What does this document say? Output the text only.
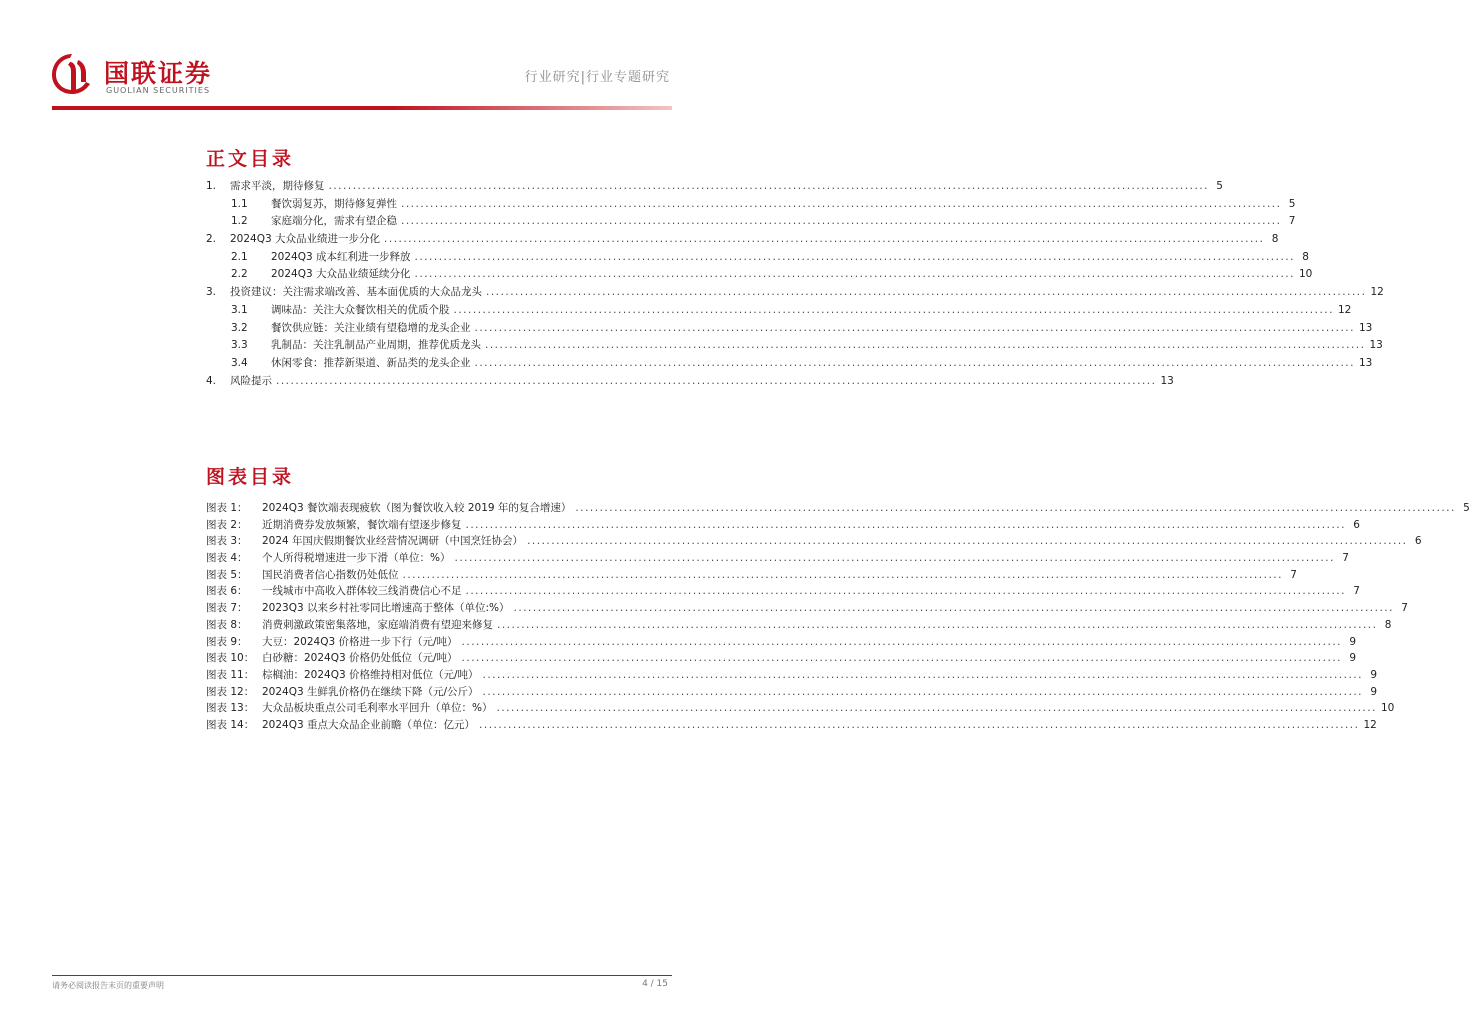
国联证券
GUOLIAN SECURITIES
行业研究|行业专题研究
正文目录
1.	需求平淡，期待修复 .....	5
1.1	餐饮弱复苏，期待修复弹性 .....	5
1.2	家庭端分化，需求有望企稳 .....	7
2.	2024Q3 大众品业绩进一步分化 .....	8
2.1	2024Q3 成本红利进一步释放 .....	8
2.2	2024Q3 大众品业绩延续分化 .....	10
3.	投资建议：关注需求端改善、基本面优质的大众品龙头 .....	12
3.1	调味品：关注大众餐饮相关的优质个股 .....	12
3.2	餐饮供应链：关注业绩有望稳增的龙头企业 .....	13
3.3	乳制品：关注乳制品产业周期，推荐优质龙头 .....	13
3.4	休闲零食：推荐新渠道、新品类的龙头企业 .....	13
4.	风险提示 .....	13
图表目录
图表 1：	2024Q3 餐饮端表现疲软（图为餐饮收入较 2019 年的复合增速） .....	5
图表 2：	近期消费券发放频繁，餐饮端有望逐步修复 .....	6
图表 3：	2024 年国庆假期餐饮业经营情况调研（中国烹饪协会） .....	6
图表 4：	个人所得税增速进一步下滑（单位：%） .....	7
图表 5：	国民消费者信心指数仍处低位 .....	7
图表 6：	一线城市中高收入群体较三线消费信心不足 .....	7
图表 7：	2023Q3 以来乡村社零同比增速高于整体（单位:%） .....	7
图表 8：	消费刺激政策密集落地，家庭端消费有望迎来修复 .....	8
图表 9：	大豆：2024Q3 价格进一步下行（元/吨） .....	9
图表 10： 白砂糖：2024Q3 价格仍处低位（元/吨） .....	9
图表 11： 棕榈油：2024Q3 价格维持相对低位（元/吨） .....	9
图表 12： 2024Q3 生鲜乳价格仍在继续下降（元/公斤） .....	9
图表 13： 大众品板块重点公司毛利率水平回升（单位：%） .....	10
图表 14： 2024Q3 重点大众品企业前瞻（单位：亿元） .....	12
请务必阅读报告末页的重要声明	4 / 15
